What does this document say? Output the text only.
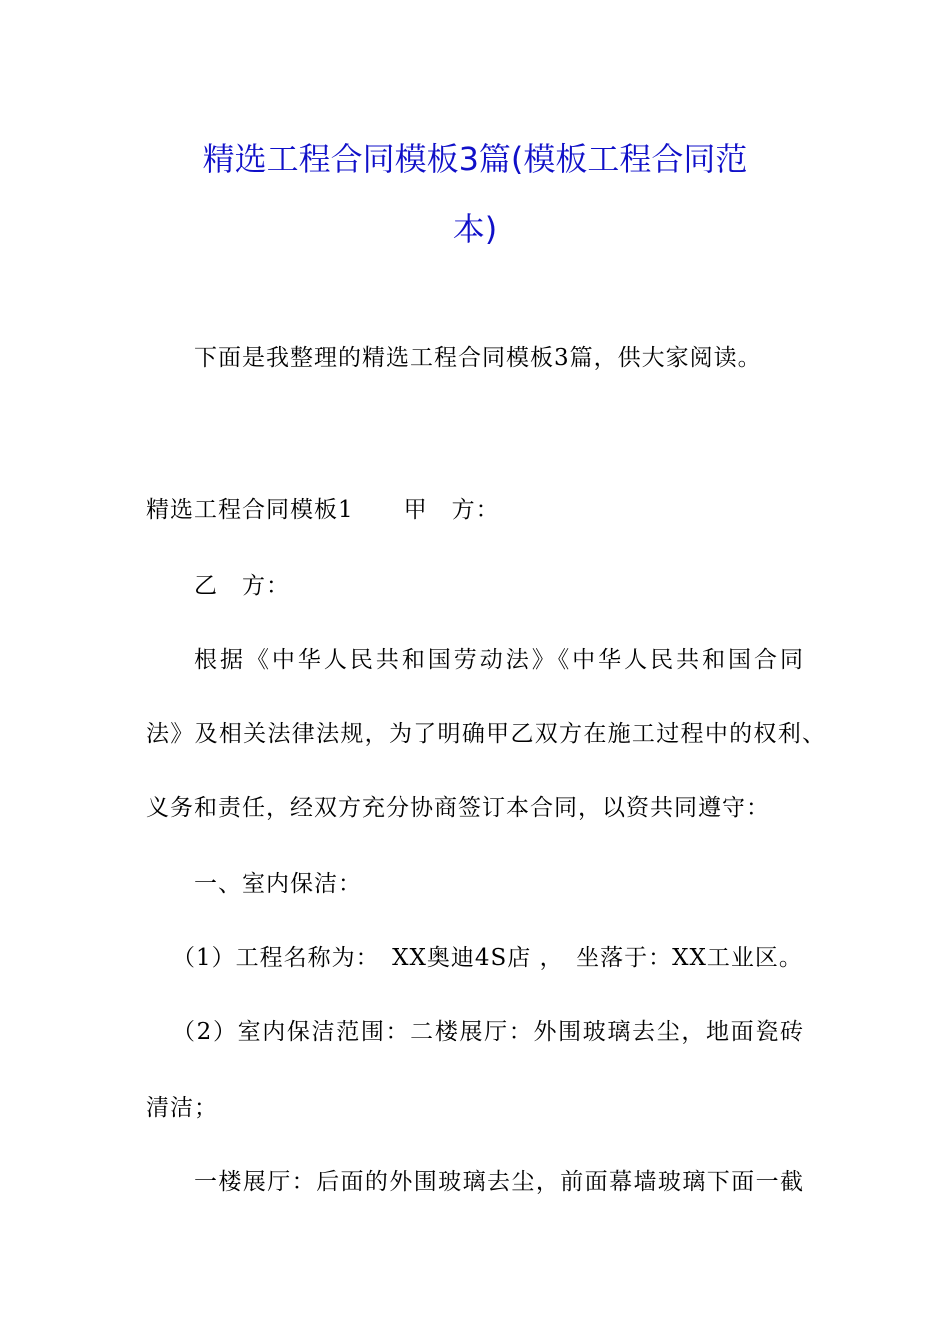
精选工程合同模板3篇(模板工程合同范
本)
下面是我整理的精选工程合同模板3篇，供大家阅读。
精选工程合同模板1 甲　方：
乙　方：
根据《中华人民共和国劳动法》《中华人民共和国合同
法》及相关法律法规，为了明确甲乙双方在施工过程中的权利、
义务和责任，经双方充分协商签订本合同，以资共同遵守：
一、室内保洁：
（1）工程名称为：　XX奥迪4S店 ，　坐落于：XX工业区。
（2）室内保洁范围：二楼展厅：外围玻璃去尘，地面瓷砖
清洁；
一楼展厅：后面的外围玻璃去尘，前面幕墙玻璃下面一截
